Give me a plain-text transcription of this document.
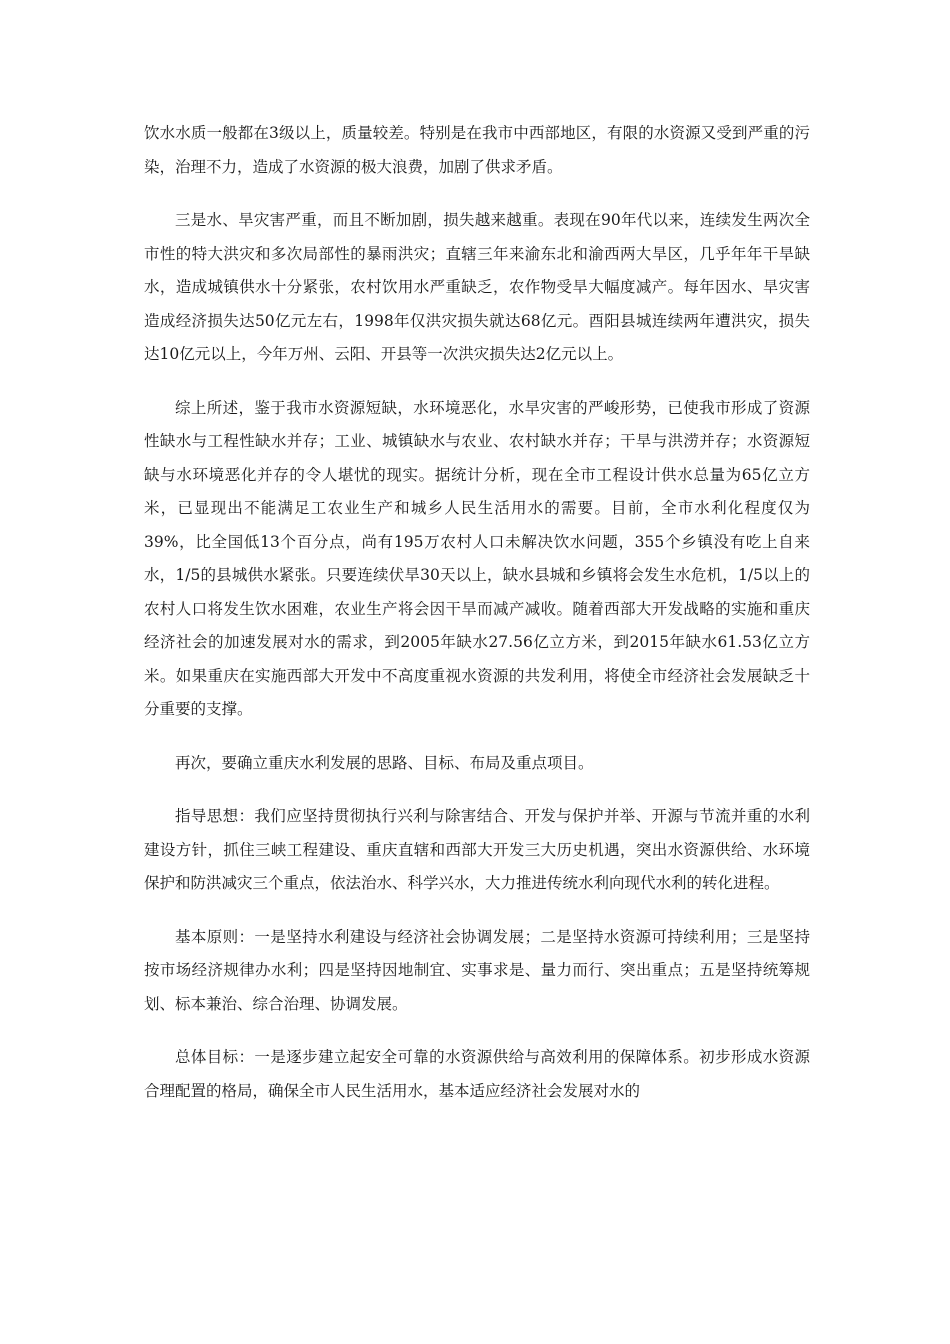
饮水水质一般都在3级以上，质量较差。特别是在我市中西部地区，有限的水资源又受到严重的污染，治理不力，造成了水资源的极大浪费，加剧了供求矛盾。

三是水、旱灾害严重，而且不断加剧，损失越来越重。表现在90年代以来，连续发生两次全市性的特大洪灾和多次局部性的暴雨洪灾；直辖三年来渝东北和渝西两大旱区，几乎年年干旱缺水，造成城镇供水十分紧张，农村饮用水严重缺乏，农作物受旱大幅度减产。每年因水、旱灾害造成经济损失达50亿元左右，1998年仅洪灾损失就达68亿元。酉阳县城连续两年遭洪灾，损失达10亿元以上，今年万州、云阳、开县等一次洪灾损失达2亿元以上。

综上所述，鉴于我市水资源短缺，水环境恶化，水旱灾害的严峻形势，已使我市形成了资源性缺水与工程性缺水并存；工业、城镇缺水与农业、农村缺水并存；干旱与洪涝并存；水资源短缺与水环境恶化并存的令人堪忧的现实。据统计分析，现在全市工程设计供水总量为65亿立方米，已显现出不能满足工农业生产和城乡人民生活用水的需要。目前，全市水利化程度仅为39%，比全国低13个百分点，尚有195万农村人口未解决饮水问题，355个乡镇没有吃上自来水，1/5的县城供水紧张。只要连续伏旱30天以上，缺水县城和乡镇将会发生水危机，1/5以上的农村人口将发生饮水困难，农业生产将会因干旱而减产减收。随着西部大开发战略的实施和重庆经济社会的加速发展对水的需求，到2005年缺水27.56亿立方米，到2015年缺水61.53亿立方米。如果重庆在实施西部大开发中不高度重视水资源的共发利用，将使全市经济社会发展缺乏十分重要的支撑。

再次，要确立重庆水利发展的思路、目标、布局及重点项目。

指导思想：我们应坚持贯彻执行兴利与除害结合、开发与保护并举、开源与节流并重的水利建设方针，抓住三峡工程建设、重庆直辖和西部大开发三大历史机遇，突出水资源供给、水环境保护和防洪减灾三个重点，依法治水、科学兴水，大力推进传统水利向现代水利的转化进程。

基本原则：一是坚持水利建设与经济社会协调发展；二是坚持水资源可持续利用；三是坚持按市场经济规律办水利；四是坚持因地制宜、实事求是、量力而行、突出重点；五是坚持统筹规划、标本兼治、综合治理、协调发展。

总体目标：一是逐步建立起安全可靠的水资源供给与高效利用的保障体系。初步形成水资源合理配置的格局，确保全市人民生活用水，基本适应经济社会发展对水的
